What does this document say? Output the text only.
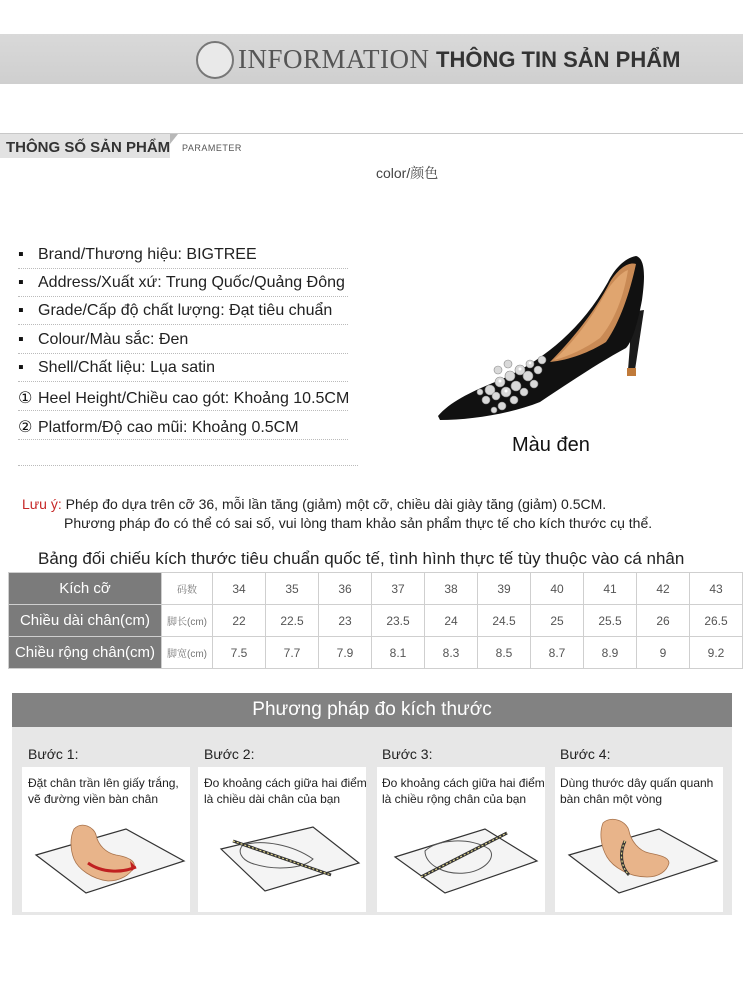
INFORMATION THÔNG TIN SẢN PHẨM
THÔNG SỐ SẢN PHẨM PARAMETER
color/颜色
▪ Brand/Thương hiệu: BIGTREE
▪ Address/Xuất xứ: Trung Quốc/Quảng Đông
▪ Grade/Cấp độ chất lượng: Đạt tiêu chuẩn
▪ Colour/Màu sắc: Đen
▪ Shell/Chất liệu: Lụa satin
① Heel Height/Chiều cao gót: Khoảng 10.5CM
② Platform/Độ cao mũi: Khoảng 0.5CM
Màu đen
Lưu ý: Phép đo dựa trên cỡ 36, mỗi lần tăng (giảm) một cỡ, chiều dài giày tăng (giảm) 0.5CM.
Phương pháp đo có thể có sai số, vui lòng tham khảo sản phẩm thực tế cho kích thước cụ thể.
Bảng đối chiếu kích thước tiêu chuẩn quốc tế, tình hình thực tế tùy thuộc vào cá nhân
Kích cỡ	码数	34	35	36	37	38	39	40	41	42	43
Chiều dài chân(cm)	脚长(cm)	22	22.5	23	23.5	24	24.5	25	25.5	26	26.5
Chiều rộng chân(cm)	脚宽(cm)	7.5	7.7	7.9	8.1	8.3	8.5	8.7	8.9	9	9.2
Phương pháp đo kích thước
Bước 1:
Đặt chân trần lên giấy trắng,
vẽ đường viền bàn chân
Bước 2:
Đo khoảng cách giữa hai điểm
là chiều dài chân của bạn
Bước 3:
Đo khoảng cách giữa hai điểm
là chiều rộng chân của bạn
Bước 4:
Dùng thước dây quấn quanh
bàn chân một vòng
